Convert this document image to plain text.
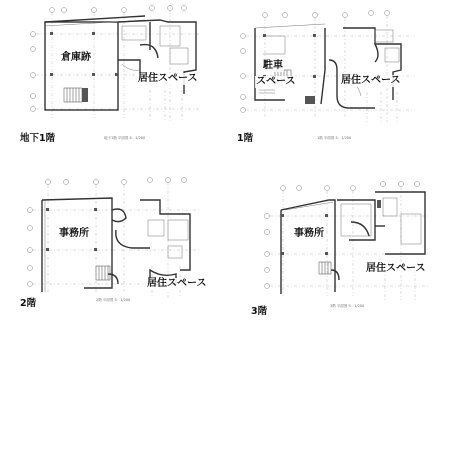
倉庫跡
居住スペース
地下1階	地下1階 平面図 S：1/200
駐車
スペース	居住スペース
1階	1階 平面図 S：1/200
事務所
居住スペース
2階	2階 平面図 S：1/200
事務所
居住スペース
3階	3階 平面図 S：1/200
